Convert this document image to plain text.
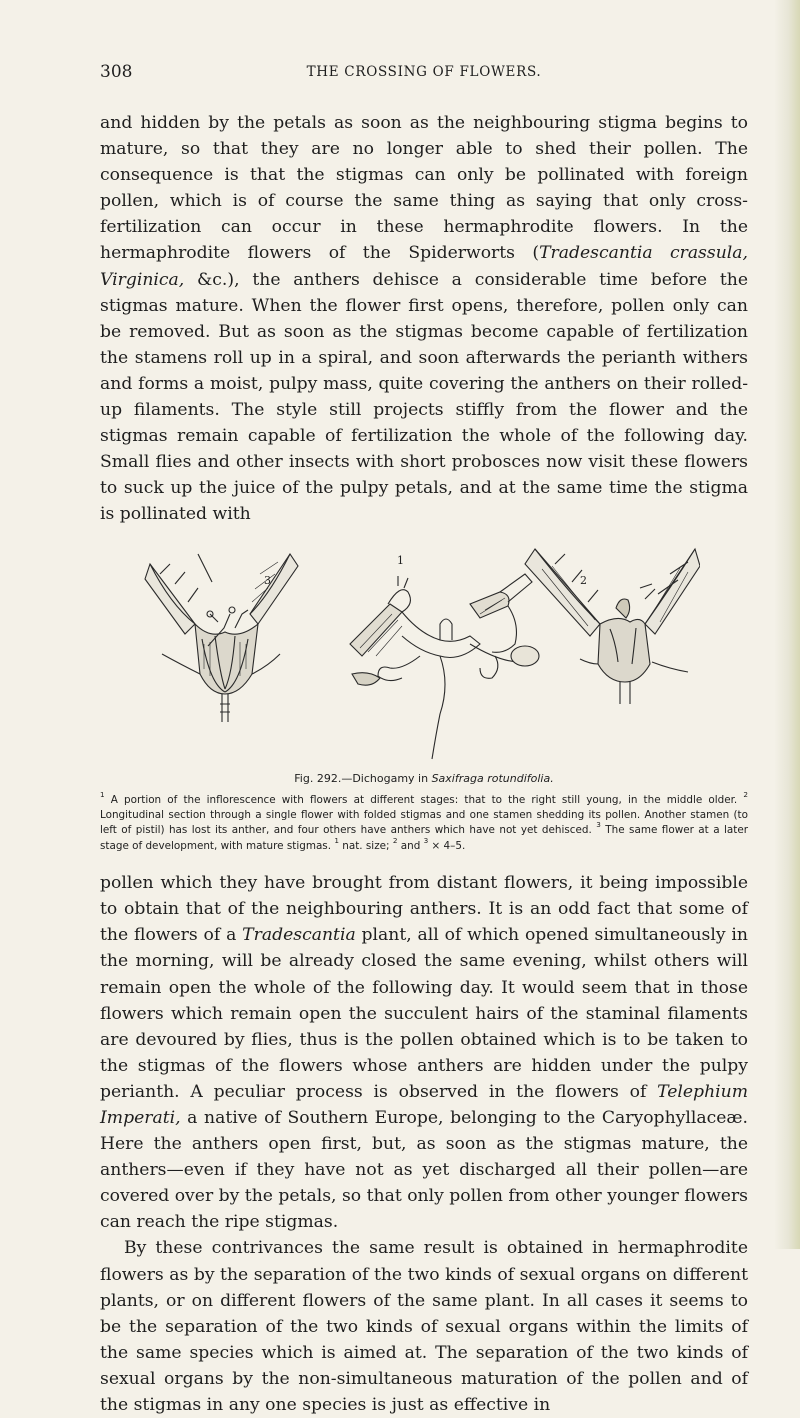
308	THE CROSSING OF FLOWERS.

and hidden by the petals as soon as the neighbouring stigma begins to mature, so that they are no longer able to shed their pollen. The consequence is that the stigmas can only be pollinated with foreign pollen, which is of course the same thing as saying that only cross-fertilization can occur in these hermaphrodite flowers. In the hermaphrodite flowers of the Spiderworts (Tradescantia crassula, Virginica, &c.), the anthers dehisce a considerable time before the stigmas mature. When the flower first opens, therefore, pollen only can be removed. But as soon as the stigmas become capable of fertilization the stamens roll up in a spiral, and soon afterwards the perianth withers and forms a moist, pulpy mass, quite covering the anthers on their rolled-up filaments. The style still projects stiffly from the flower and the stigmas remain capable of fertilization the whole of the following day. Small flies and other insects with short probosces now visit these flowers to suck up the juice of the pulpy petals, and at the same time the stigma is pollinated with

3
1
2
Fig. 292.—Dichogamy in Saxifraga rotundifolia.

$^1$ A portion of the inflorescence with flowers at different stages: that to the right still young, in the middle older. $^2$ Longitudinal section through a single flower with folded stigmas and one stamen shedding its pollen. Another stamen (to left of pistil) has lost its anther, and four others have anthers which have not yet dehisced. $^3$ The same flower at a later stage of development, with mature stigmas. $^1$ nat. size; $^2$ and $^3$ × 4–5.

pollen which they have brought from distant flowers, it being impossible to obtain that of the neighbouring anthers. It is an odd fact that some of the flowers of a Tradescantia plant, all of which opened simultaneously in the morning, will be already closed the same evening, whilst others will remain open the whole of the following day. It would seem that in those flowers which remain open the succulent hairs of the staminal filaments are devoured by flies, thus is the pollen obtained which is to be taken to the stigmas of the flowers whose anthers are hidden under the pulpy perianth. A peculiar process is observed in the flowers of Telephium Imperati, a native of Southern Europe, belonging to the Caryophyllaceæ. Here the anthers open first, but, as soon as the stigmas mature, the anthers—even if they have not as yet discharged all their pollen—are covered over by the petals, so that only pollen from other younger flowers can reach the ripe stigmas.

By these contrivances the same result is obtained in hermaphrodite flowers as by the separation of the two kinds of sexual organs on different plants, or on different flowers of the same plant. In all cases it seems to be the separation of the two kinds of sexual organs within the limits of the same species which is aimed at. The separation of the two kinds of sexual organs by the non-simultaneous maturation of the pollen and of the stigmas in any one species is just as effective in
